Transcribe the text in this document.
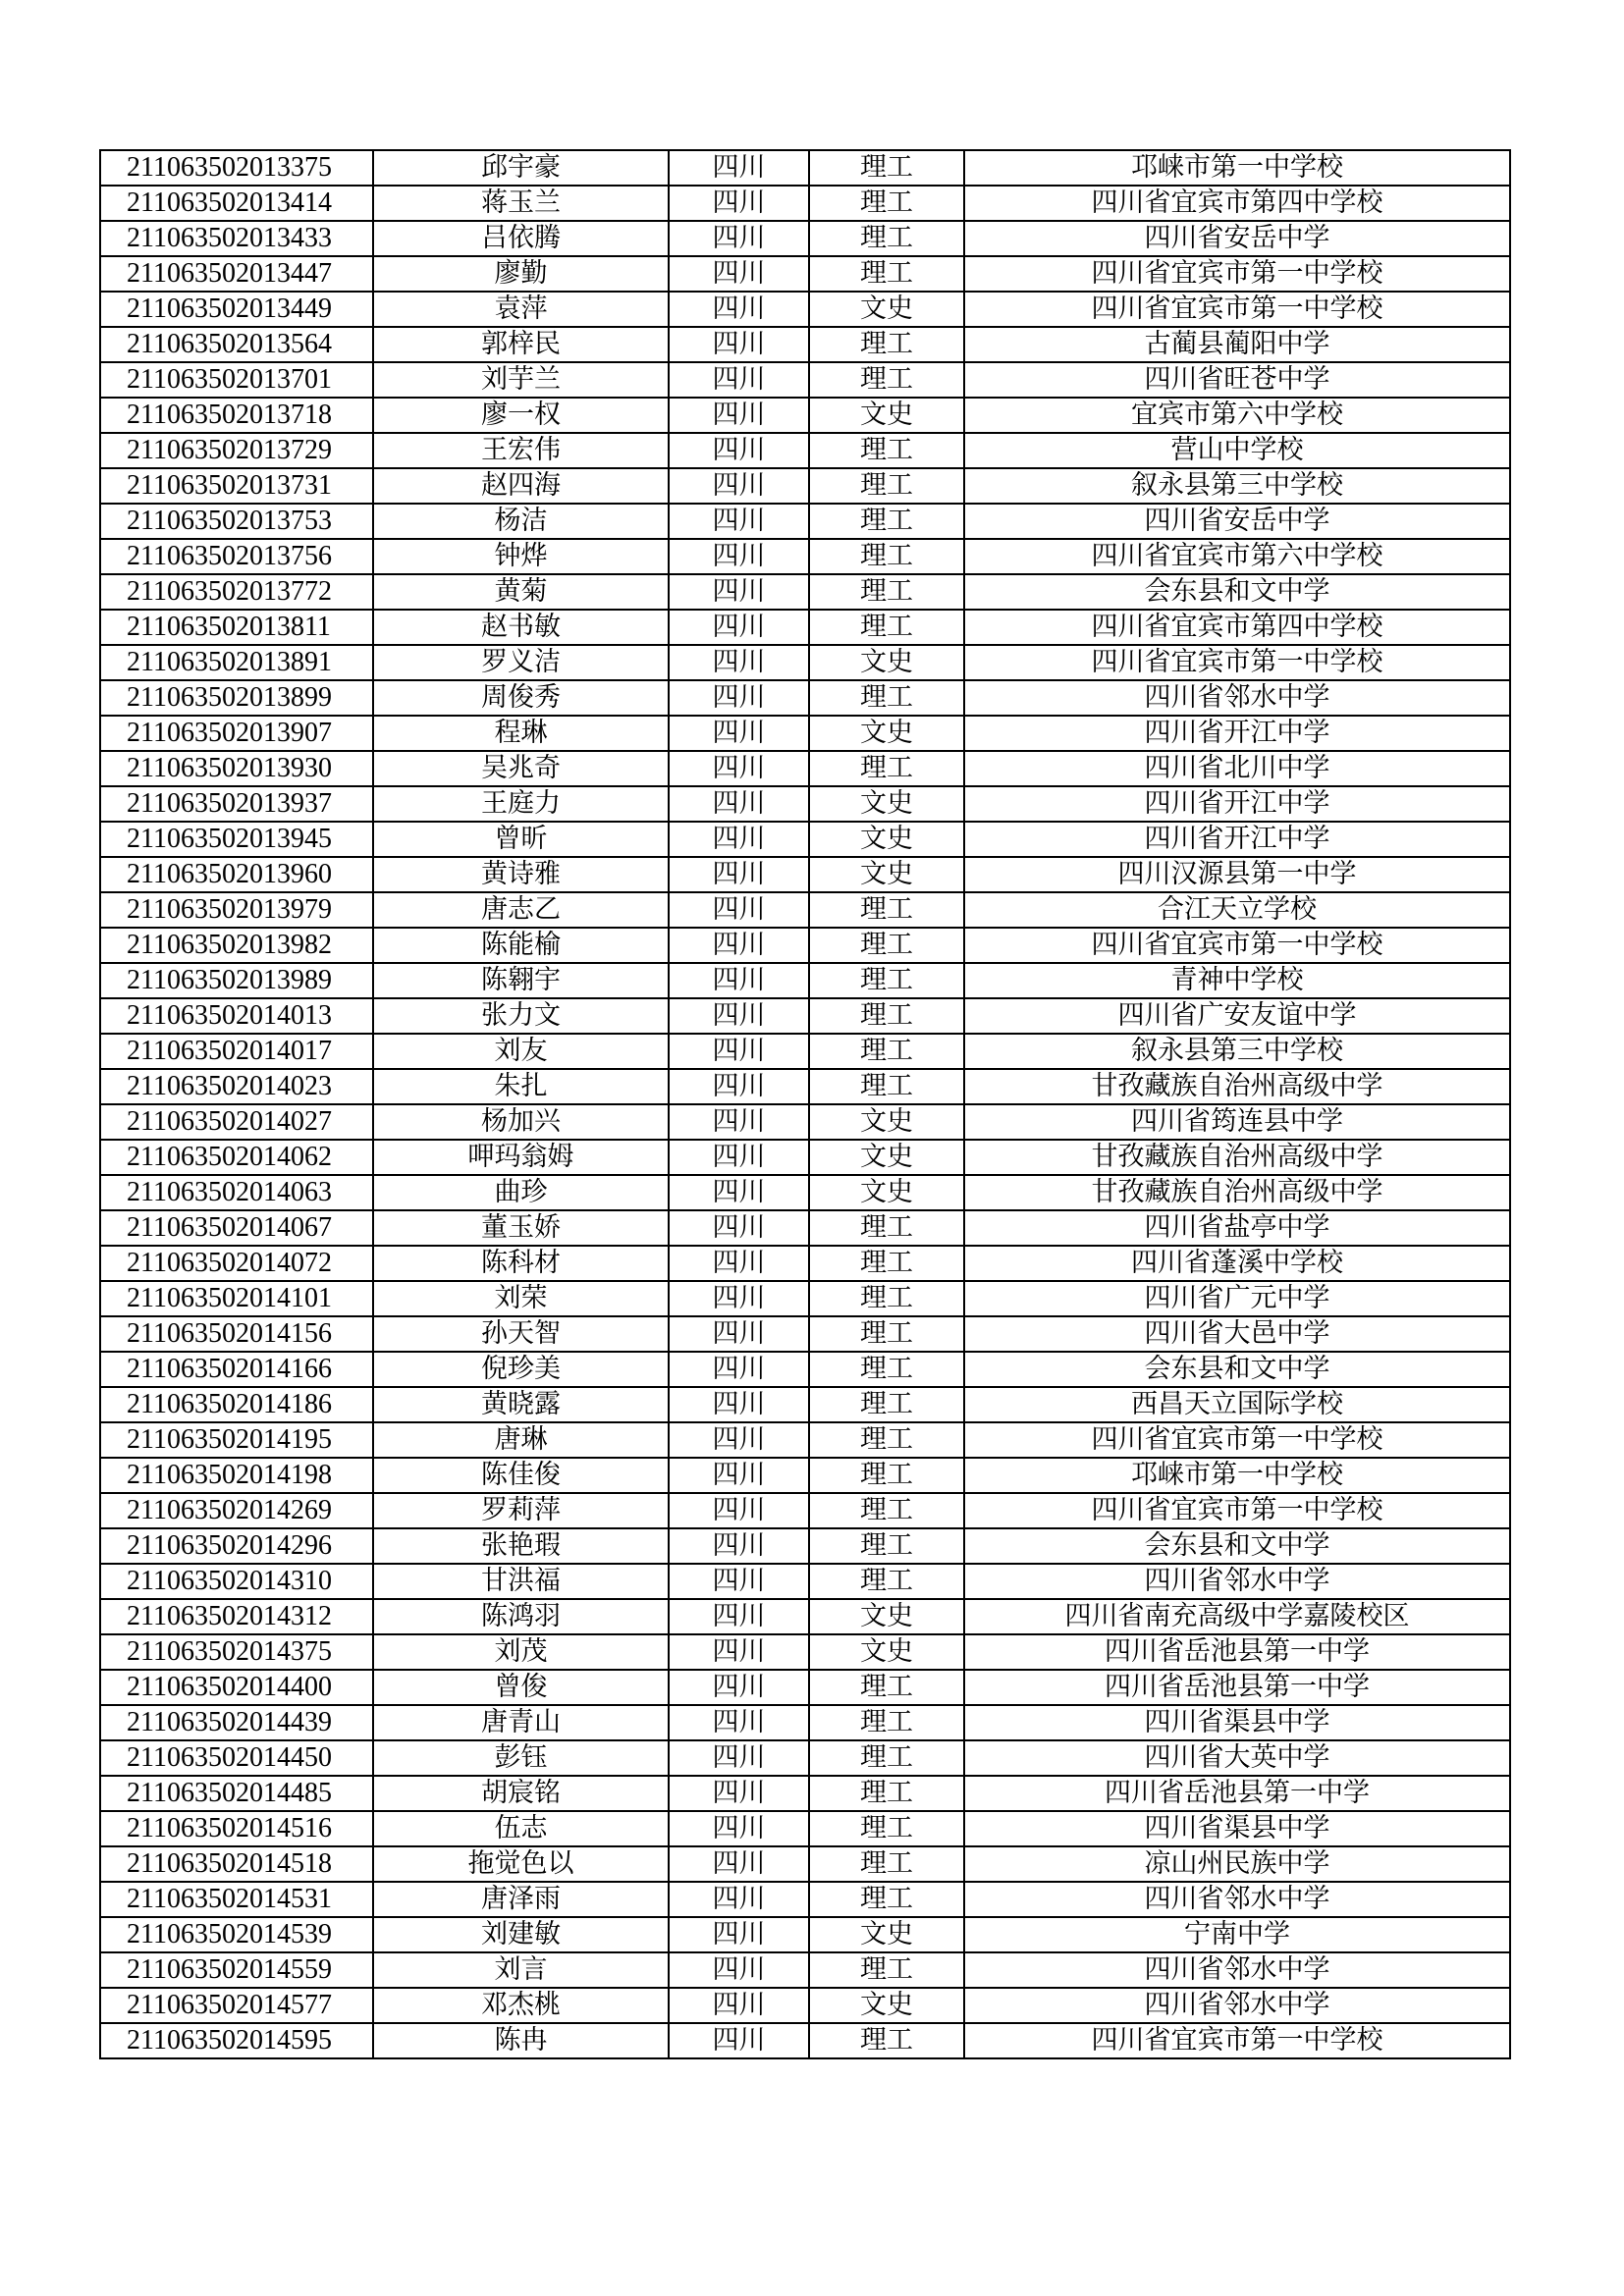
211063502013375	邱宇豪	四川	理工	邛崃市第一中学校
211063502013414	蒋玉兰	四川	理工	四川省宜宾市第四中学校
211063502013433	吕依腾	四川	理工	四川省安岳中学
211063502013447	廖勤	四川	理工	四川省宜宾市第一中学校
211063502013449	袁萍	四川	文史	四川省宜宾市第一中学校
211063502013564	郭梓民	四川	理工	古蔺县蔺阳中学
211063502013701	刘芋兰	四川	理工	四川省旺苍中学
211063502013718	廖一权	四川	文史	宜宾市第六中学校
211063502013729	王宏伟	四川	理工	营山中学校
211063502013731	赵四海	四川	理工	叙永县第三中学校
211063502013753	杨洁	四川	理工	四川省安岳中学
211063502013756	钟烨	四川	理工	四川省宜宾市第六中学校
211063502013772	黄菊	四川	理工	会东县和文中学
211063502013811	赵书敏	四川	理工	四川省宜宾市第四中学校
211063502013891	罗义洁	四川	文史	四川省宜宾市第一中学校
211063502013899	周俊秀	四川	理工	四川省邻水中学
211063502013907	程琳	四川	文史	四川省开江中学
211063502013930	吴兆奇	四川	理工	四川省北川中学
211063502013937	王庭力	四川	文史	四川省开江中学
211063502013945	曾昕	四川	文史	四川省开江中学
211063502013960	黄诗雅	四川	文史	四川汉源县第一中学
211063502013979	唐志乙	四川	理工	合江天立学校
211063502013982	陈能榆	四川	理工	四川省宜宾市第一中学校
211063502013989	陈翱宇	四川	理工	青神中学校
211063502014013	张力文	四川	理工	四川省广安友谊中学
211063502014017	刘友	四川	理工	叙永县第三中学校
211063502014023	朱扎	四川	理工	甘孜藏族自治州高级中学
211063502014027	杨加兴	四川	文史	四川省筠连县中学
211063502014062	呷玛翁姆	四川	文史	甘孜藏族自治州高级中学
211063502014063	曲珍	四川	文史	甘孜藏族自治州高级中学
211063502014067	董玉娇	四川	理工	四川省盐亭中学
211063502014072	陈科材	四川	理工	四川省蓬溪中学校
211063502014101	刘荣	四川	理工	四川省广元中学
211063502014156	孙天智	四川	理工	四川省大邑中学
211063502014166	倪珍美	四川	理工	会东县和文中学
211063502014186	黄晓露	四川	理工	西昌天立国际学校
211063502014195	唐琳	四川	理工	四川省宜宾市第一中学校
211063502014198	陈佳俊	四川	理工	邛崃市第一中学校
211063502014269	罗莉萍	四川	理工	四川省宜宾市第一中学校
211063502014296	张艳瑕	四川	理工	会东县和文中学
211063502014310	甘洪福	四川	理工	四川省邻水中学
211063502014312	陈鸿羽	四川	文史	四川省南充高级中学嘉陵校区
211063502014375	刘茂	四川	文史	四川省岳池县第一中学
211063502014400	曾俊	四川	理工	四川省岳池县第一中学
211063502014439	唐青山	四川	理工	四川省渠县中学
211063502014450	彭钰	四川	理工	四川省大英中学
211063502014485	胡宸铭	四川	理工	四川省岳池县第一中学
211063502014516	伍志	四川	理工	四川省渠县中学
211063502014518	拖觉色以	四川	理工	凉山州民族中学
211063502014531	唐泽雨	四川	理工	四川省邻水中学
211063502014539	刘建敏	四川	文史	宁南中学
211063502014559	刘言	四川	理工	四川省邻水中学
211063502014577	邓杰桃	四川	文史	四川省邻水中学
211063502014595	陈冉	四川	理工	四川省宜宾市第一中学校
